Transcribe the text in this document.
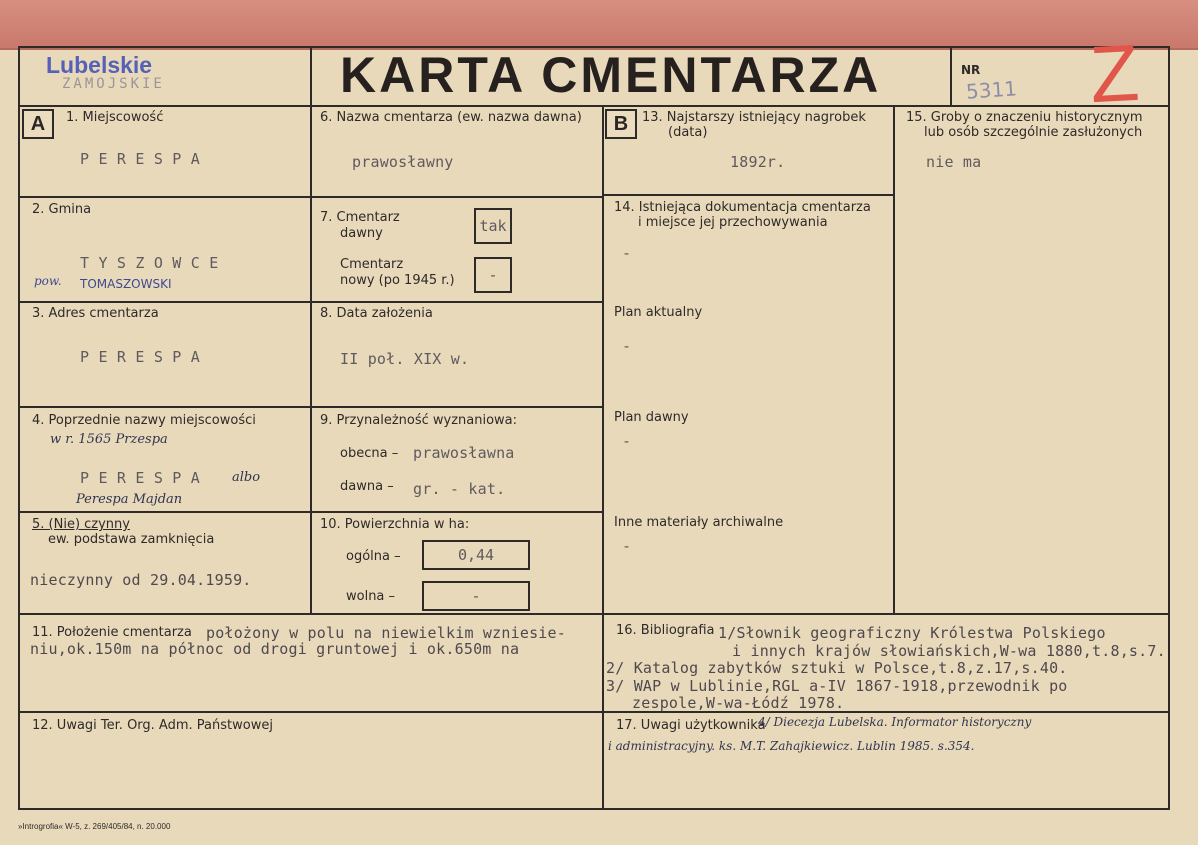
Lubelskie
ZAMOJSKIE	KARTA CMENTARZA	NR
5311 Z
A	B
1. Miejscowość
P E R E S P A
2. Gmina
T Y S Z O W C E
pow. TOMASZOWSKI
3. Adres cmentarza
P E R E S P A
4. Poprzednie nazwy miejscowości
w r. 1565 Przespa
P E R E S P A albo
Perespa Majdan
5. (Nie) czynny
ew. podstawa zamknięcia
nieczynny od 29.04.1959.
6. Nazwa cmentarza (ew. nazwa dawna)
prawosławny
7. Cmentarz
dawny	tak
Cmentarz
nowy (po 1945 r.)	-
8. Data założenia
II poł. XIX w.
9. Przynależność wyznaniowa:
obecna – prawosławna
dawna – gr. - kat.
10. Powierzchnia w ha:
ogólna –	0,44
wolna –	-
13. Najstarszy istniejący nagrobek
(data)
1892r.
14. Istniejąca dokumentacja cmentarza
i miejsce jej przechowywania
-
Plan aktualny
-
Plan dawny
-
Inne materiały archiwalne
-
15. Groby o znaczeniu historycznym
lub osób szczególnie zasłużonych
nie ma
11. Położenie cmentarza położony w polu na niewielkim wzniesie-
niu,ok.150m na północ od drogi gruntowej i ok.650m na
12. Uwagi Ter. Org. Adm. Państwowej
16. Bibliografia 1/Słownik geograficzny Królestwa Polskiego
i innych krajów słowiańskich,W-wa 1880,t.8,s.7.
2/ Katalog zabytków sztuki w Polsce,t.8,z.17,s.40.
3/ WAP w Lublinie,RGL a-IV 1867-1918,przewodnik po
zespole,W-wa-Łódź 1978.
17. Uwagi użytkownika
4/ Diecezja Lubelska. Informator historyczny
i administracyjny. ks. M.T. Zahajkiewicz. Lublin 1985. s.354.
»Introgrofia« W-5, z. 269/405/84, n. 20.000
